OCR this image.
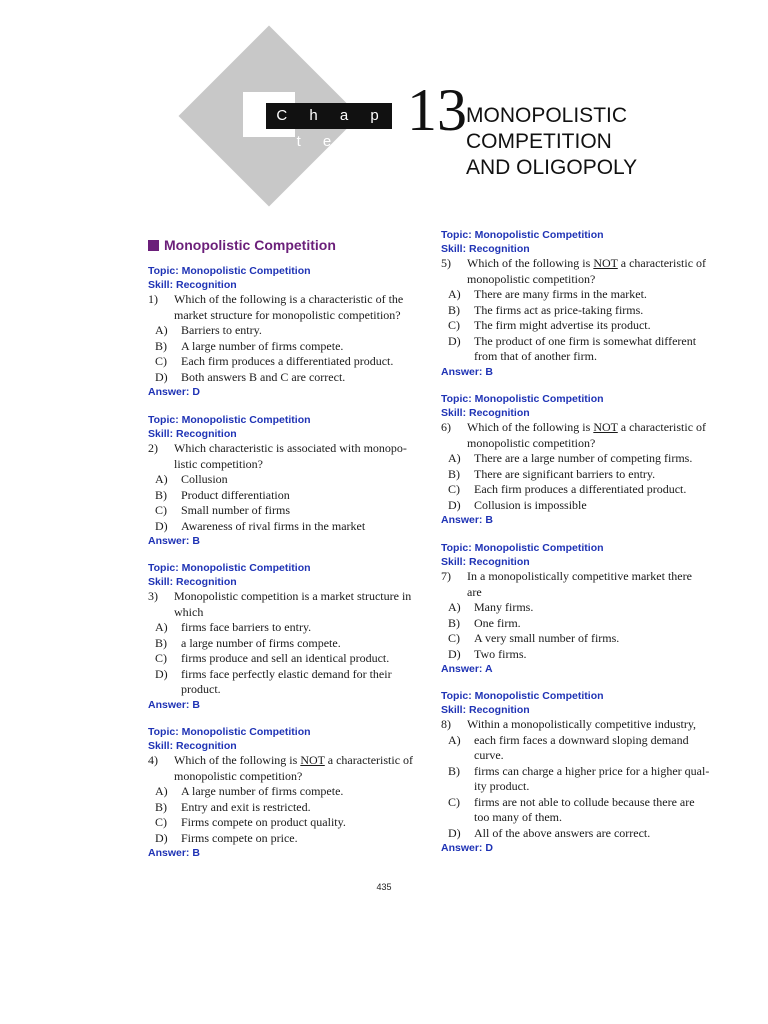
C h a p t e r 13 MONOPOLISTIC
COMPETITION
AND OLIGOPOLY
Monopolistic Competition
Topic: Monopolistic Competition
Skill: Recognition
1)	Which of the following is a characteristic of the
market structure for monopolistic competition?
A)	Barriers to entry.
B)	A large number of firms compete.
C)	Each firm produces a differentiated product.
D)	Both answers B and C are correct.
Answer: D
Topic: Monopolistic Competition
Skill: Recognition
2)	Which characteristic is associated with monopo-
listic competition?
A)	Collusion
B)	Product differentiation
C)	Small number of firms
D)	Awareness of rival firms in the market
Answer: B
Topic: Monopolistic Competition
Skill: Recognition
3)	Monopolistic competition is a market structure in
which
A)	firms face barriers to entry.
B)	a large number of firms compete.
C)	firms produce and sell an identical product.
D)	firms face perfectly elastic demand for their
product.
Answer: B
Topic: Monopolistic Competition
Skill: Recognition
4)	Which of the following is NOT a characteristic of
monopolistic competition?
A)	A large number of firms compete.
B)	Entry and exit is restricted.
C)	Firms compete on product quality.
D)	Firms compete on price.
Answer: B
Topic: Monopolistic Competition
Skill: Recognition
5)	Which of the following is NOT a characteristic of
monopolistic competition?
A)	There are many firms in the market.
B)	The firms act as price-taking firms.
C)	The firm might advertise its product.
D)	The product of one firm is somewhat different
from that of another firm.
Answer: B
Topic: Monopolistic Competition
Skill: Recognition
6)	Which of the following is NOT a characteristic of
monopolistic competition?
A)	There are a large number of competing firms.
B)	There are significant barriers to entry.
C)	Each firm produces a differentiated product.
D)	Collusion is impossible
Answer: B
Topic: Monopolistic Competition
Skill: Recognition
7)	In a monopolistically competitive market there
are
A)	Many firms.
B)	One firm.
C)	A very small number of firms.
D)	Two firms.
Answer: A
Topic: Monopolistic Competition
Skill: Recognition
8)	Within a monopolistically competitive industry,
A)	each firm faces a downward sloping demand
curve.
B)	firms can charge a higher price for a higher qual-
ity product.
C)	firms are not able to collude because there are
too many of them.
D)	All of the above answers are correct.
Answer: D
435
